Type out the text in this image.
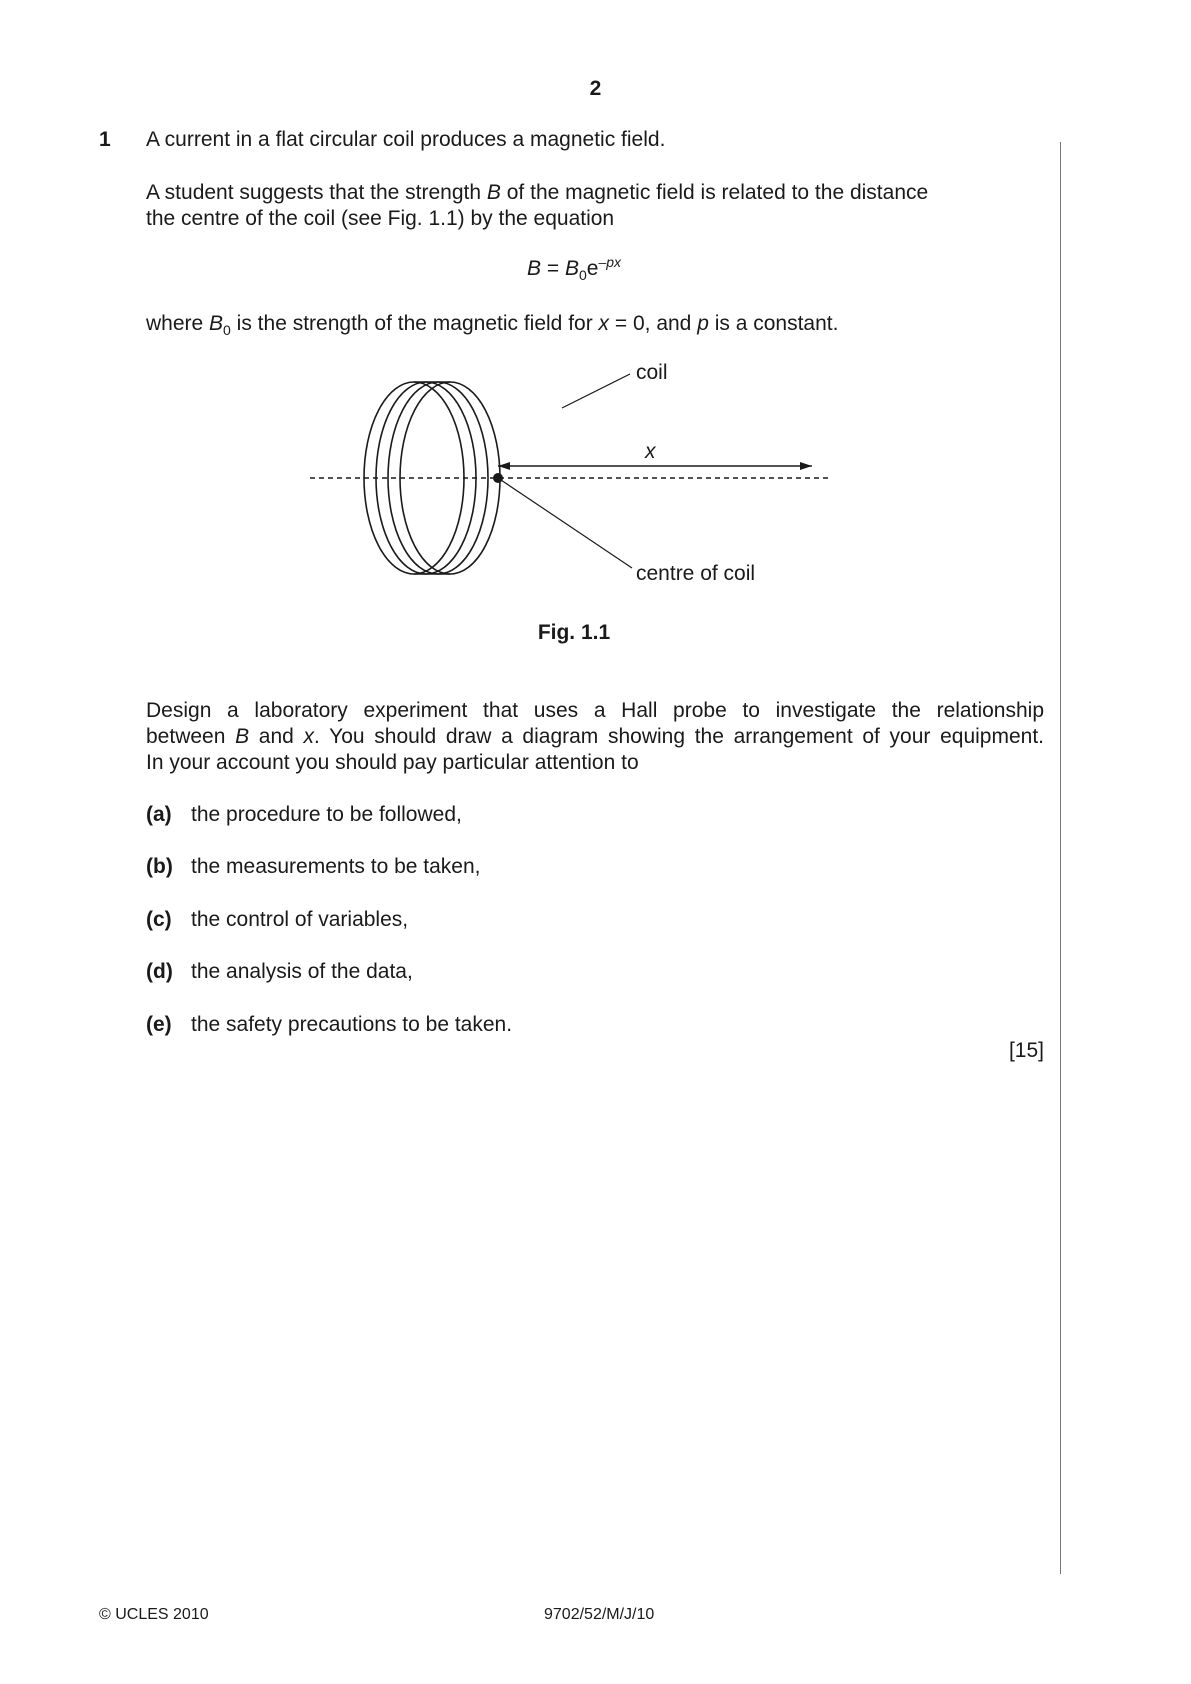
2
1 A current in a flat circular coil produces a magnetic field.
A student suggests that the strength B of the magnetic field is related to the distance
the centre of the coil (see Fig. 1.1) by the equation
$B = B_0e^{-px}$
where $B_0$ is the strength of the magnetic field for x = 0, and p is a constant.
coil
x
centre of coil
Fig. 1.1

Design a laboratory experiment that uses a Hall probe to investigate the relationship

between B and x. You should draw a diagram showing the arrangement of your equipment.

In your account you should pay particular attention to

(a) the procedure to be followed,
(b) the measurements to be taken,
(c) the control of variables,
(d) the analysis of the data,
(e) the safety precautions to be taken.
[15]
© UCLES 2010	9702/52/M/J/10
